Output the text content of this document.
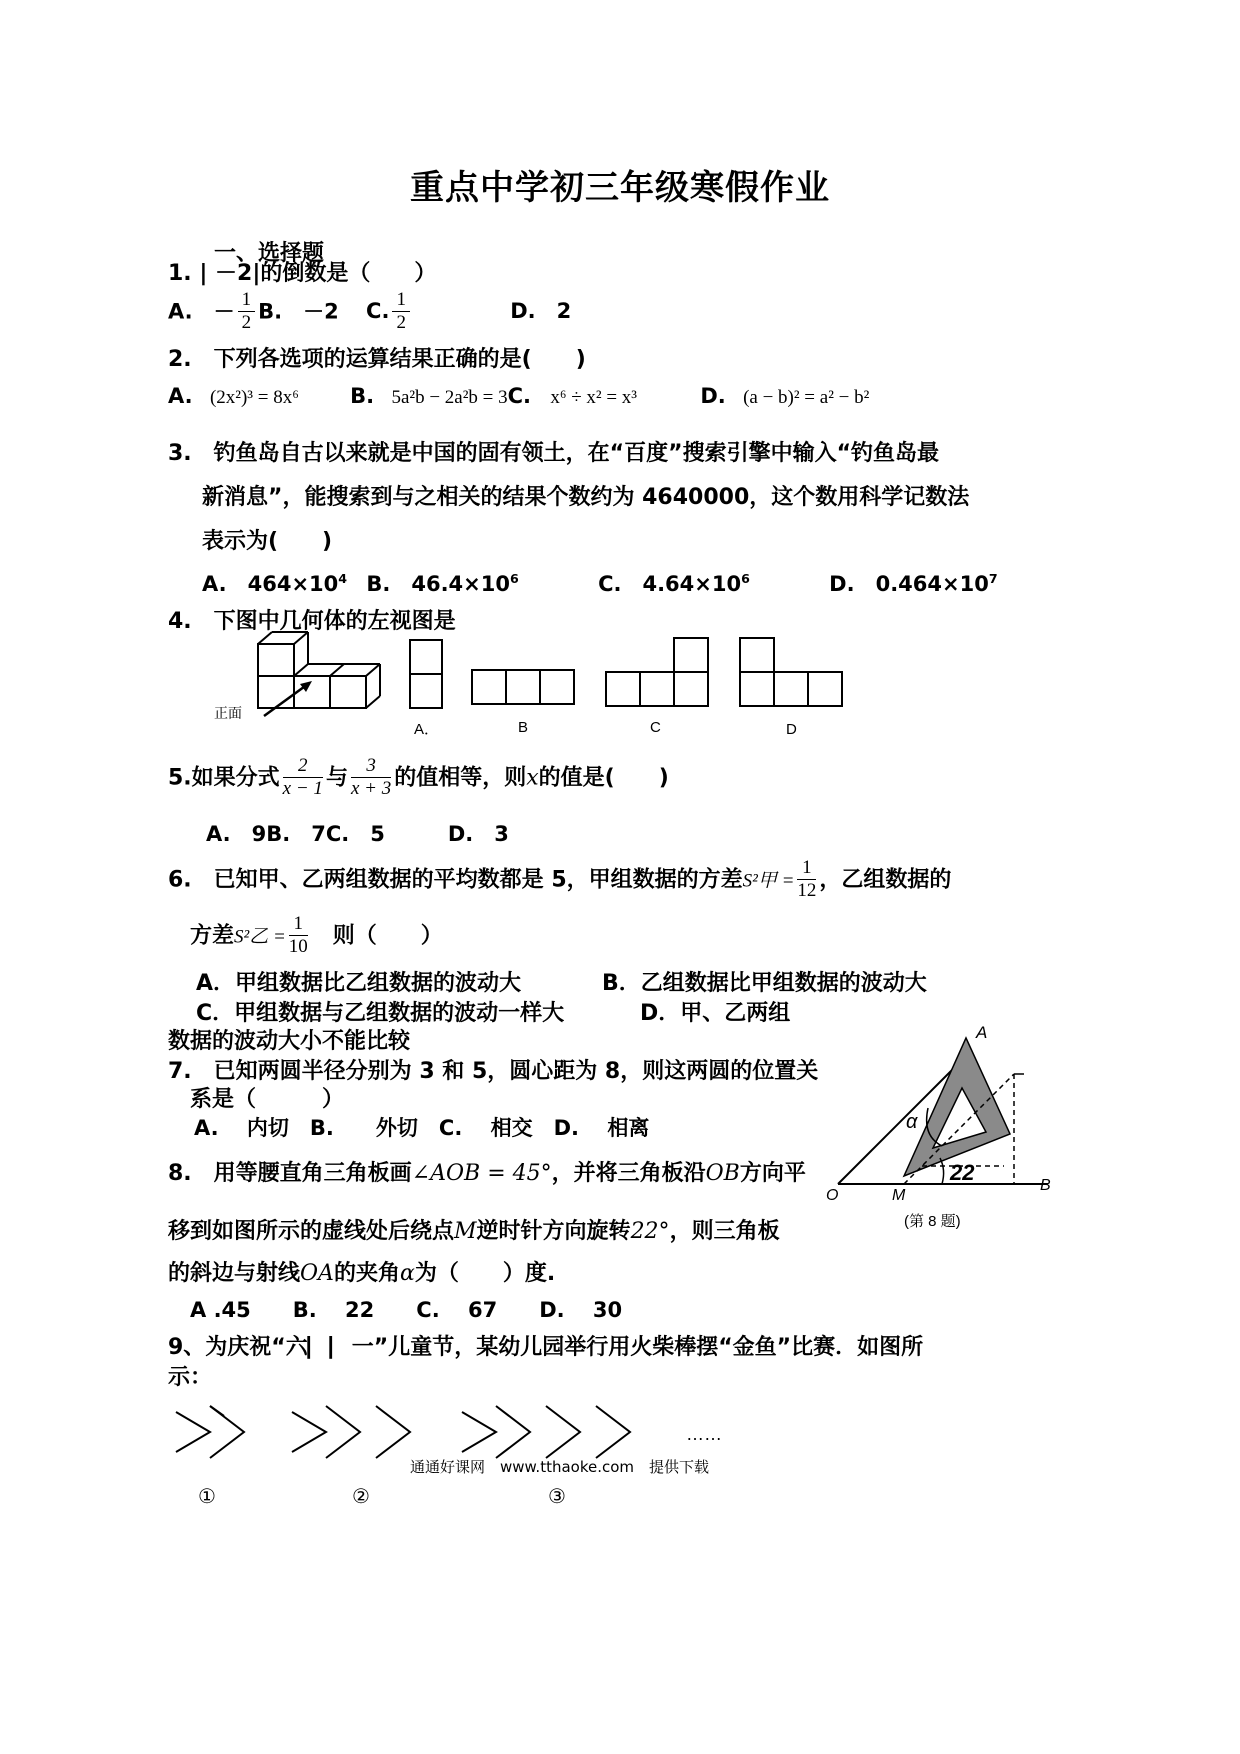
重点中学初三年级寒假作业
一、选择题
1. | －2|的倒数是（　　）
A.　－ $\frac{1}{2} B$.　－2 C. $\frac{1}{2}$	D.　2
2.　下列各选项的运算结果正确的是(　　)
A. (2x²)³ = 8x⁶ B. 5a²b − 2a²b = 3C. x⁶ ÷ x² = x³	D. (a − b)² = a² − b²
3.　钓鱼岛自古以来就是中国的固有领土，在“百度”搜索引擎中输入“钓鱼岛最
新消息”，能搜索到与之相关的结果个数约为 4640000，这个数用科学记数法
表示为(　　)
A.　$464\times 10^4$ B.　$46.4\times 10^6$	C.　$4.64\times 10^6$	D.　$0.464\times 10^7$
4.　下图中几何体的左视图是
正面
A．	B	C	D
5.如果分式 $\frac{2}{x - 1}$ 与 $\frac{3}{x + 3}$ 的值相等，则x的值是(　　)
A.　9B.　7C.　5　　　D.　3
6.　已知甲、乙两组数据的平均数都是 5，甲组数据的方差S²甲 = $\frac{1}{12}$ ，乙组数据的
方差S²乙 = $\frac{1}{10}$ 　则（　　）
A．甲组数据比乙组数据的波动大	B．乙组数据比甲组数据的波动大
C．甲组数据与乙组数据的波动一样大	D．甲、乙两组
数据的波动大小不能比较
7.　已知两圆半径分别为 3 和 5，圆心距为 8，则这两圆的位置关
系是（　　　）
A.　 内切　B.　　外切　C.　 相交　D.　 相离
8.　用等腰直角三角板画∠AOB = 45°，并将三角板沿OB方向平
移到如图所示的虚线处后绕点M逆时针方向旋转22°，则三角板
的斜边与射线OA的夹角α为（　　）度.
A .45　　B.　 22　　C.　 67　　D.　 30
A
O	M
B
α
22
(第 8 题)
9、为庆祝“六⎸⎸一”儿童节，某幼儿园举行用火柴棒摆“金鱼”比赛．如图所
示：
……
通通好课网　www.tthaoke.com　提供下载
①	②	③
